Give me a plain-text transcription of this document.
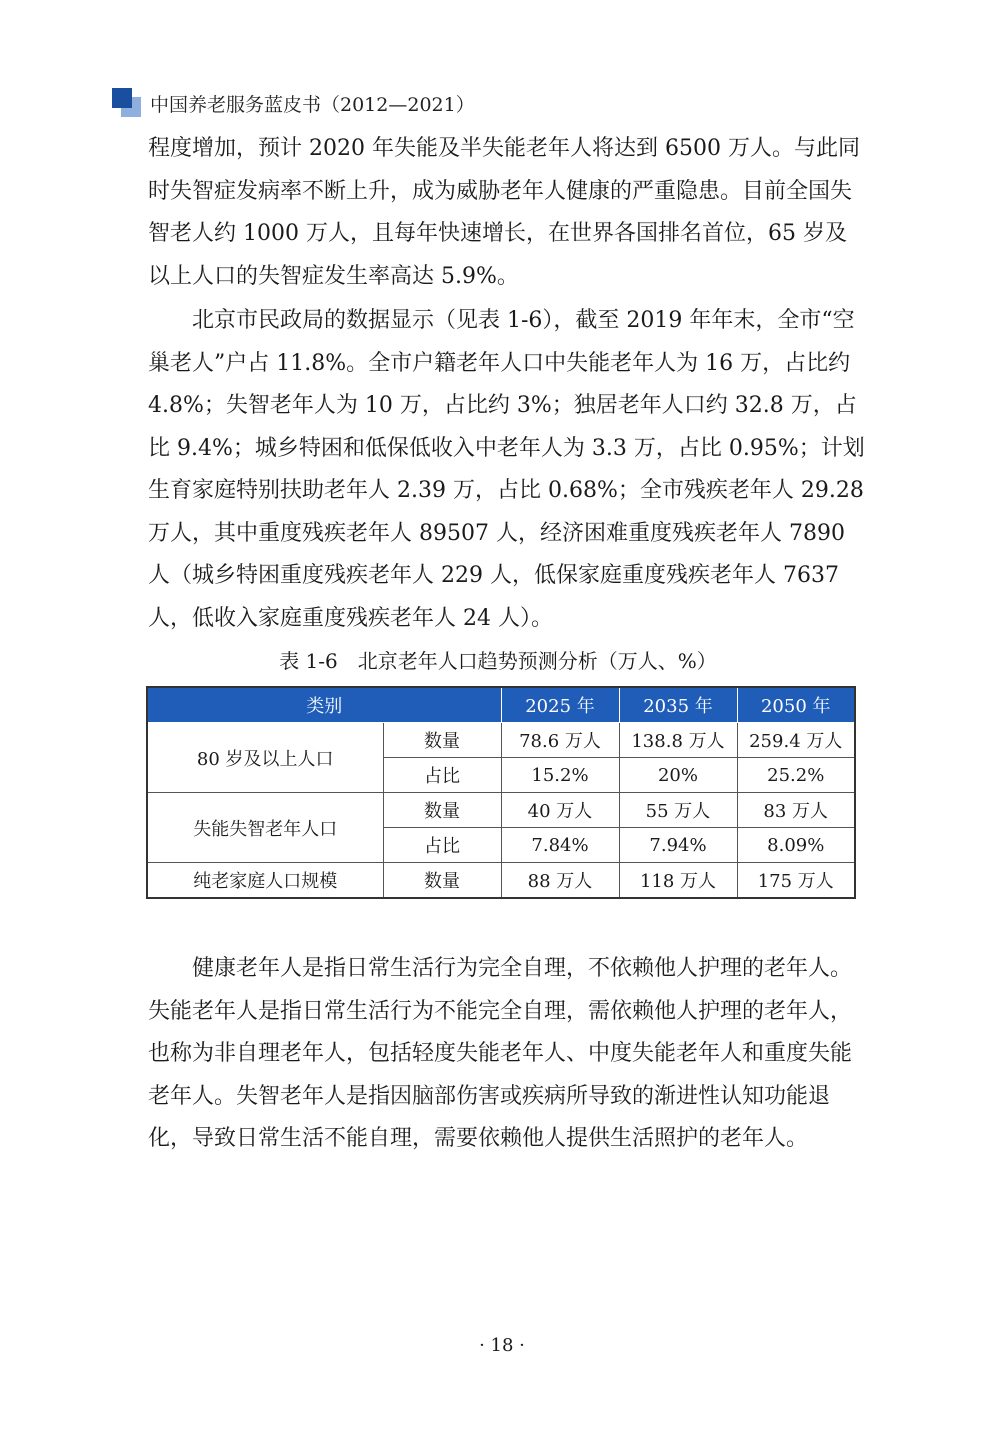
中国养老服务蓝皮书（2012—2021）

程度增加，预计 2020 年失能及半失能老年人将达到 6500 万人。与此同时失智症发病率不断上升，成为威胁老年人健康的严重隐患。目前全国失智老人约 1000 万人，且每年快速增长，在世界各国排名首位，65 岁及以上人口的失智症发生率高达 5.9%。

北京市民政局的数据显示（见表 1-6），截至 2019 年年末，全市“空巢老人”户占 11.8%。全市户籍老年人口中失能老年人为 16 万，占比约 4.8%；失智老年人为 10 万，占比约 3%；独居老年人口约 32.8 万，占比 9.4%；城乡特困和低保低收入中老年人为 3.3 万，占比 0.95%；计划生育家庭特别扶助老年人 2.39 万，占比 0.68%；全市残疾老年人 29.28 万人，其中重度残疾老年人 89507 人，经济困难重度残疾老年人 7890 人（城乡特困重度残疾老年人 229 人，低保家庭重度残疾老年人 7637 人，低收入家庭重度残疾老年人 24 人）。

表 1-6 北京老年人口趋势预测分析（万人、%）
类别		2025 年	2035 年	2050 年
80 岁及以上人口	数量	78.6 万人	138.8 万人	259.4 万人
	占比	15.2%	20%	25.2%
失能失智老年人口	数量	40 万人	55 万人	83 万人
	占比	7.84%	7.94%	8.09%
纯老家庭人口规模	数量	88 万人	118 万人	175 万人

健康老年人是指日常生活行为完全自理，不依赖他人护理的老年人。失能老年人是指日常生活行为不能完全自理，需依赖他人护理的老年人，也称为非自理老年人，包括轻度失能老年人、中度失能老年人和重度失能老年人。失智老年人是指因脑部伤害或疾病所导致的渐进性认知功能退化，导致日常生活不能自理，需要依赖他人提供生活照护的老年人。

· 18 ·
